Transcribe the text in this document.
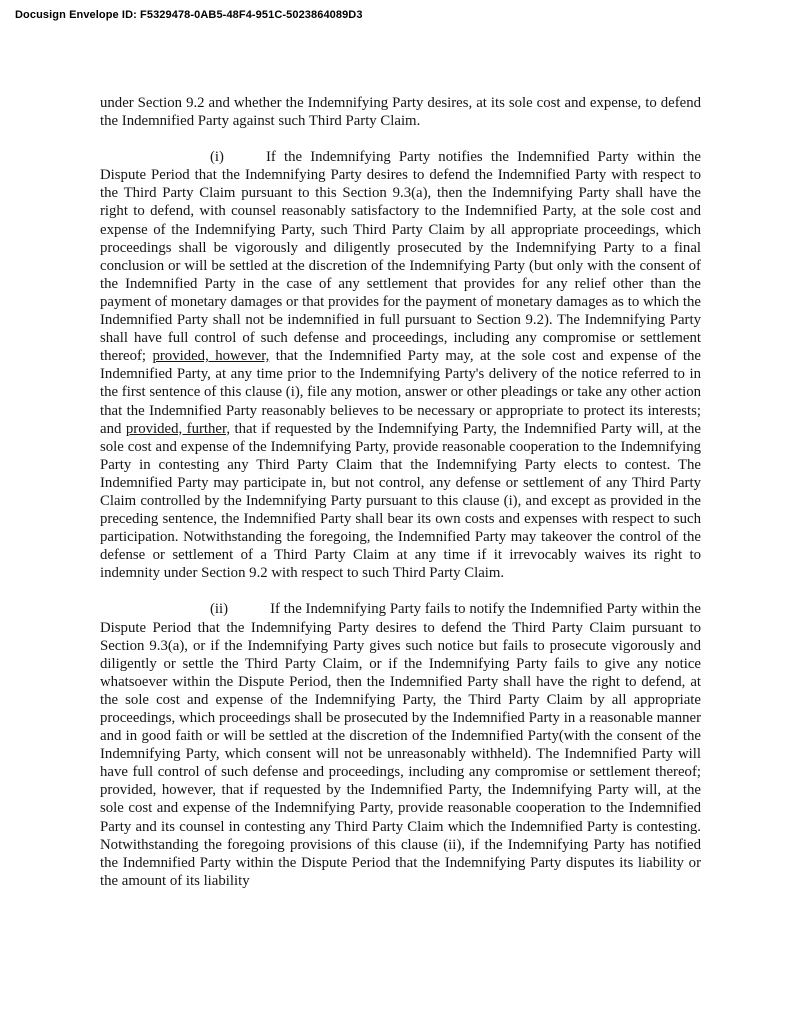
Docusign Envelope ID: F5329478-0AB5-48F4-951C-5023864089D3

under Section 9.2 and whether the Indemnifying Party desires, at its sole cost and expense, to defend the Indemnified Party against such Third Party Claim.

(i)	If the Indemnifying Party notifies the Indemnified Party within the Dispute Period that the Indemnifying Party desires to defend the Indemnified Party with respect to the Third Party Claim pursuant to this Section 9.3(a), then the Indemnifying Party shall have the right to defend, with counsel reasonably satisfactory to the Indemnified Party, at the sole cost and expense of the Indemnifying Party, such Third Party Claim by all appropriate proceedings, which proceedings shall be vigorously and diligently prosecuted by the Indemnifying Party to a final conclusion or will be settled at the discretion of the Indemnifying Party (but only with the consent of the Indemnified Party in the case of any settlement that provides for any relief other than the payment of monetary damages or that provides for the payment of monetary damages as to which the Indemnified Party shall not be indemnified in full pursuant to Section 9.2). The Indemnifying Party shall have full control of such defense and proceedings, including any compromise or settlement thereof; provided, however, that the Indemnified Party may, at the sole cost and expense of the Indemnified Party, at any time prior to the Indemnifying Party's delivery of the notice referred to in the first sentence of this clause (i), file any motion, answer or other pleadings or take any other action that the Indemnified Party reasonably believes to be necessary or appropriate to protect its interests; and provided, further, that if requested by the Indemnifying Party, the Indemnified Party will, at the sole cost and expense of the Indemnifying Party, provide reasonable cooperation to the Indemnifying Party in contesting any Third Party Claim that the Indemnifying Party elects to contest. The Indemnified Party may participate in, but not control, any defense or settlement of any Third Party Claim controlled by the Indemnifying Party pursuant to this clause (i), and except as provided in the preceding sentence, the Indemnified Party shall bear its own costs and expenses with respect to such participation. Notwithstanding the foregoing, the Indemnified Party may takeover the control of the defense or settlement of a Third Party Claim at any time if it irrevocably waives its right to indemnity under Section 9.2 with respect to such Third Party Claim.

(ii)	If the Indemnifying Party fails to notify the Indemnified Party within the Dispute Period that the Indemnifying Party desires to defend the Third Party Claim pursuant to Section 9.3(a), or if the Indemnifying Party gives such notice but fails to prosecute vigorously and diligently or settle the Third Party Claim, or if the Indemnifying Party fails to give any notice whatsoever within the Dispute Period, then the Indemnified Party shall have the right to defend, at the sole cost and expense of the Indemnifying Party, the Third Party Claim by all appropriate proceedings, which proceedings shall be prosecuted by the Indemnified Party in a reasonable manner and in good faith or will be settled at the discretion of the Indemnified Party(with the consent of the Indemnifying Party, which consent will not be unreasonably withheld). The Indemnified Party will have full control of such defense and proceedings, including any compromise or settlement thereof; provided, however, that if requested by the Indemnified Party, the Indemnifying Party will, at the sole cost and expense of the Indemnifying Party, provide reasonable cooperation to the Indemnified Party and its counsel in contesting any Third Party Claim which the Indemnified Party is contesting. Notwithstanding the foregoing provisions of this clause (ii), if the Indemnifying Party has notified the Indemnified Party within the Dispute Period that the Indemnifying Party disputes its liability or the amount of its liability
